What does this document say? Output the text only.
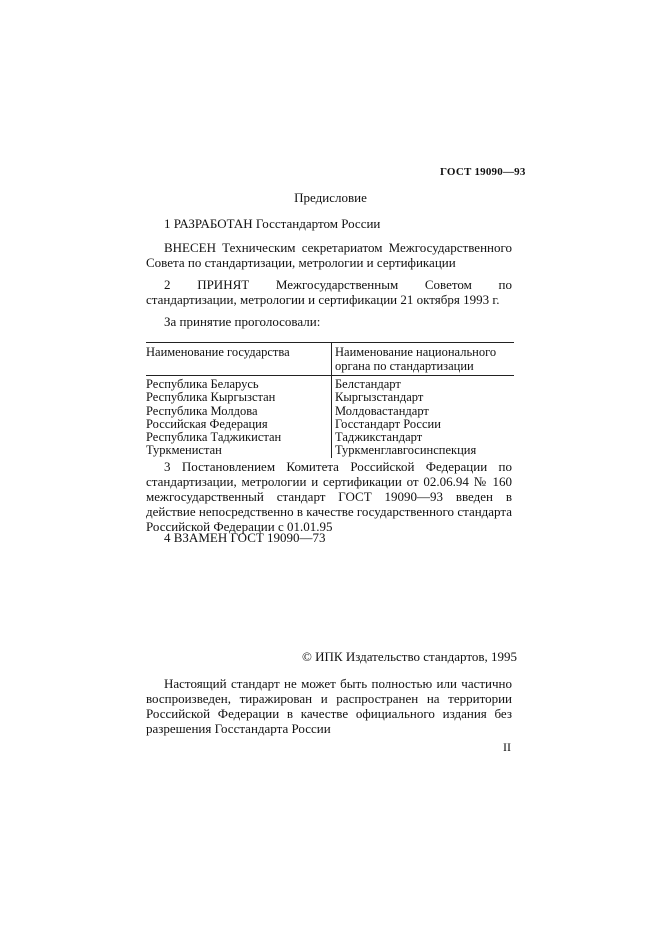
ГОСТ 19090—93
Предисловие

1 РАЗРАБОТАН Госстандартом России

ВНЕСЕН Техническим секретариатом Межгосударственного Совета по стандартизации, метрологии и сертификации

2 ПРИНЯТ Межгосударственным Советом по стандартизации, метрологии и сертификации 21 октября 1993 г.

За принятие проголосовали:

Наименование государства	Наименование национального органа по стандартизации
Республика Беларусь
Республика Кыргызстан
Республика Молдова
Российская Федерация
Республика Таджикистан
Туркменистан
Белстандарт
Кыргызстандарт
Молдовастандарт
Госстандарт России
Таджикстандарт
Туркменглавгосинспекция

3 Постановлением Комитета Российской Федерации по стандартизации, метрологии и сертификации от 02.06.94 № 160 межгосударственный стандарт ГОСТ 19090—93 введен в действие непосредственно в качестве государственного стандарта Российской Федерации с 01.01.95

4 ВЗАМЕН ГОСТ 19090—73

© ИПК Издательство стандартов, 1995

Настоящий стандарт не может быть полностью или частично воспроизведен, тиражирован и распространен на территории Российской Федерации в качестве официального издания без разрешения Госстандарта России

II
